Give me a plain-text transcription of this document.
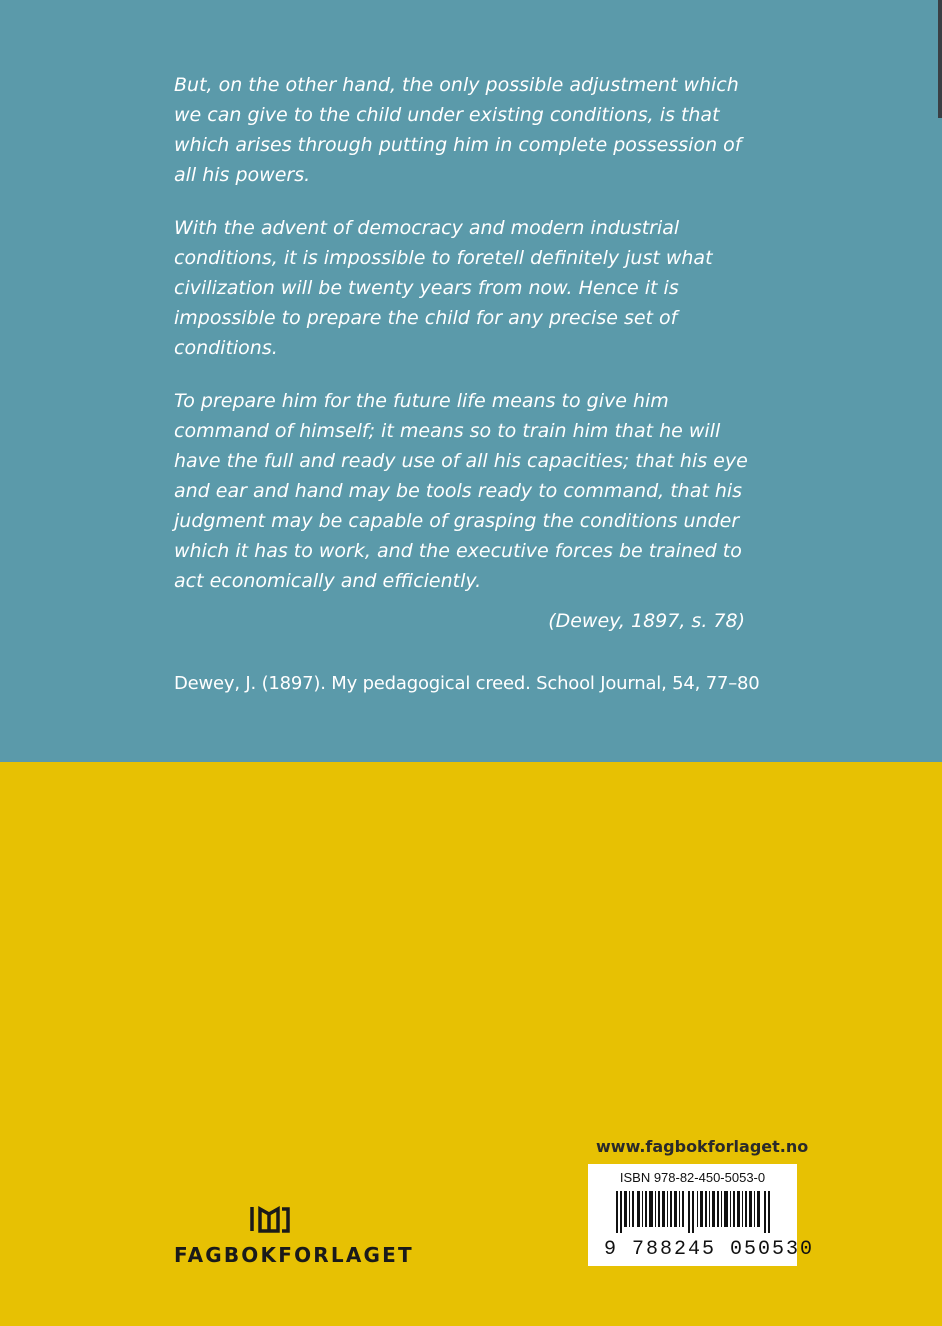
But, on the other hand, the only possible adjustment which we can give to the child under existing conditions, is that which arises through putting him in complete possession of all his powers.

With the advent of democracy and modern industrial conditions, it is impossible to foretell definitely just what civilization will be twenty years from now. Hence it is impossible to prepare the child for any precise set of conditions.

To prepare him for the future life means to give him command of himself; it means so to train him that he will have the full and ready use of all his capacities; that his eye and ear and hand may be tools ready to command, that his judgment may be capable of grasping the conditions under which it has to work, and the executive forces be trained to act economically and efficiently.

(Dewey, 1897, s. 78)
Dewey, J. (1897). My pedagogical creed. School Journal, 54, 77–80
www.fagbokforlaget.no
ISBN 978-82-450-5053-0
9 788245 050530
FAGBOKFORLAGET
